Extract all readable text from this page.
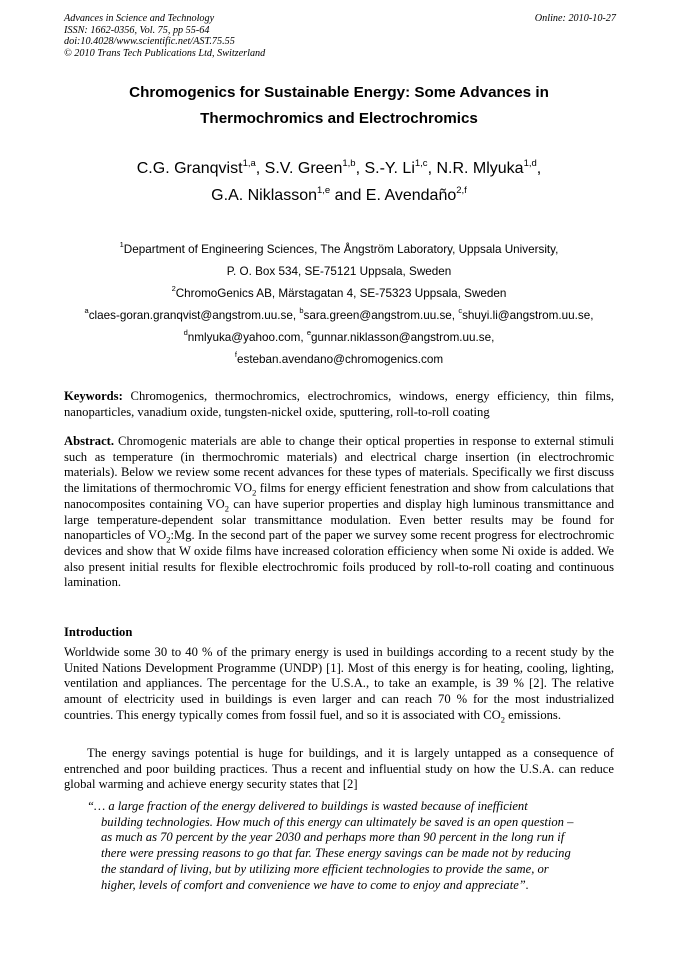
Advances in Science and Technology
ISSN: 1662-0356, Vol. 75, pp 55-64
doi:10.4028/www.scientific.net/AST.75.55
© 2010 Trans Tech Publications Ltd, Switzerland
Online: 2010-10-27
Chromogenics for Sustainable Energy: Some Advances in
Thermochromics and Electrochromics
C.G. Granqvist$^{1,a}$, S.V. Green$^{1,b}$, S.-Y. Li$^{1,c}$, N.R. Mlyuka$^{1,d}$,
G.A. Niklasson$^{1,e}$ and E. Avendaño$^{2,f}$
$^1$Department of Engineering Sciences, The Ångström Laboratory, Uppsala University,
P. O. Box 534, SE-75121 Uppsala, Sweden
$^2$ChromoGenics AB, Märstagatan 4, SE-75323 Uppsala, Sweden
$^a$claes-goran.granqvist@angstrom.uu.se, $^b$sara.green@angstrom.uu.se, $^c$shuyi.li@angstrom.uu.se,
$^d$nmlyuka@yahoo.com, $^e$gunnar.niklasson@angstrom.uu.se,
$^f$esteban.avendano@chromogenics.com
Keywords: Chromogenics, thermochromics, electrochromics, windows, energy efficiency, thin films, nanoparticles, vanadium oxide, tungsten-nickel oxide, sputtering, roll-to-roll coating
Abstract. Chromogenic materials are able to change their optical properties in response to external stimuli such as temperature (in thermochromic materials) and electrical charge insertion (in electrochromic materials). Below we review some recent advances for these types of materials. Specifically we first discuss the limitations of thermochromic $VO_2$ films for energy efficient fenestration and show from calculations that nanocomposites containing $VO_2$ can have superior properties and display high luminous transmittance and large temperature-dependent solar transmittance modulation. Even better results may be found for nanoparticles of $VO_2:Mg$. In the second part of the paper we survey some recent progress for electrochromic devices and show that W oxide films have increased coloration efficiency when some Ni oxide is added. We also present initial results for flexible electrochromic foils produced by roll-to-roll coating and continuous lamination.
Introduction
Worldwide some 30 to 40 % of the primary energy is used in buildings according to a recent study by the United Nations Development Programme (UNDP) [1]. Most of this energy is for heating, cooling, lighting, ventilation and appliances. The percentage for the U.S.A., to take an example, is 39 % [2]. The relative amount of electricity used in buildings is even larger and can reach 70 % for the most industrialized countries. This energy typically comes from fossil fuel, and so it is associated with $CO_2$ emissions.
The energy savings potential is huge for buildings, and it is largely untapped as a consequence of entrenched and poor building practices. Thus a recent and influential study on how the U.S.A. can reduce global warming and achieve energy security states that [2]
“… a large fraction of the energy delivered to buildings is wasted because of inefficient
building technologies. How much of this energy can ultimately be saved is an open question –
as much as 70 percent by the year 2030 and perhaps more than 90 percent in the long run if
there were pressing reasons to go that far. These energy savings can be made not by reducing
the standard of living, but by utilizing more efficient technologies to provide the same, or
higher, levels of comfort and convenience we have to come to enjoy and appreciate”.
